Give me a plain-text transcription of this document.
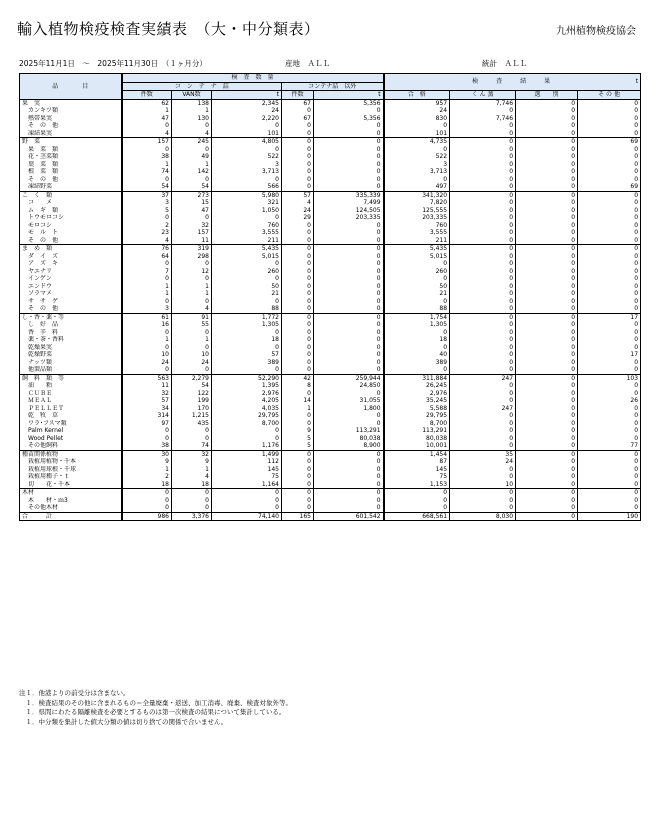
輸入植物検疫検査実績表　（大・中分類表）	九州植物検疫協会
2025年11月1日　～　2025年11月30日　（１ヶ月分）	産地　ＡＬＬ	統計　ＡＬＬ
品　　　　目	検　査　数　量					検　　　査　　　結　　　果 t			

	コ　ン　テ　ナ　詰			コンテナ詰　以外					
	件数	VAN数	t	件数	t	合　格	く ん 蒸	選　　別	そ の 他
果　実	62	138	2,345	67	5,356	957	7,746	0	0
　カンキツ類	1	1	24	0	0	24	0	0	0
　熱帯果実	47	130	2,220	67	5,356	830	7,746	0	0
　そ　の　他	0	0	0	0	0	0	0	0	0
　凍結果実	4	4	101	0	0	101	0	0	0
野　菜	157	245	4,805	0	0	4,735	0	0	69
　果　菜　類	0	0	0	0	0	0	0	0	0
　花・茎菜類	38	49	522	0	0	522	0	0	0
　葉　菜　類	1	1	3	0	0	3	0	0	0
　根　菜　類	74	142	3,713	0	0	3,713	0	0	0
　そ　の　他	0	0	0	0	0	0	0	0	0
　凍結野菜	54	54	566	0	0	497	0	0	69
こ　く　類	37	273	5,980	57	335,339	341,320	0	0	0
　コ　　メ	3	15	321	4	7,499	7,820	0	0	0
　ム　ギ　類	5	47	1,050	24	124,505	125,555	0	0	0
　トウモロコシ	0	0	0	29	203,335	203,335	0	0	0
　モロコシ	2	32	760	0	0	760	0	0	0
　モ　ル　ト	23	157	3,555	0	0	3,555	0	0	0
　そ　の　他	4	11	211	0	0	211	0	0	0
ま　め　類	76	319	5,435	0	0	5,435	0	0	0
　ダ　イ　ズ	64	298	5,015	0	0	5,015	0	0	0
　ア　ズ　キ	0	0	0	0	0	0	0	0	0
　ヤエナリ	7	12	260	0	0	260	0	0	0
　インゲン	0	0	0	0	0	0	0	0	0
　エンドウ	1	1	50	0	0	50	0	0	0
　ソラマメ	1	1	21	0	0	21	0	0	0
　サ　サ　ゲ	0	0	0	0	0	0	0	0	0
　そ　の　他	3	4	88	0	0	88	0	0	0
し・香・薬・等	61	91	1,772	0	0	1,754	0	0	17
　し　好　品	16	55	1,305	0	0	1,305	0	0	0
　香　辛　料	0	0	0	0	0	0	0	0	0
　薬・茶・香料	1	1	18	0	0	18	0	0	0
　乾燥果実	0	0	0	0	0	0	0	0	0
　乾燥野菜	10	10	57	0	0	40	0	0	17
　ナッツ類	24	24	389	0	0	389	0	0	0
　他製品類	0	0	0	0	0	0	0	0	0
飼　料　類　等	563	2,279	52,290	42	259,944	311,884	247	0	103
　油　　粕	11	54	1,395	8	24,850	26,245	0	0	0
　ＣＵＢＥ	32	122	2,976	0	0	2,976	0	0	0
　ＭＥＡＬ	57	199	4,205	14	31,055	35,245	0	0	26
　ＰＥＬＬＥＴ	34	170	4,035	1	1,800	5,588	247	0	0
　乾　牧　草	314	1,215	29,795	0	0	29,795	0	0	0
　ワラ･フスマ類	97	435	8,700	0	0	8,700	0	0	0
　Palm Kernel	0	0	0	9	113,291	113,291	0	0	0
　Wood Pellet	0	0	0	5	80,038	80,038	0	0	0
　その他飼料	38	74	1,176	5	8,900	10,001	0	0	77
種苗関係植物	30	32	1,499	0	0	1,454	35	0	0
　栽植用植物・千本	9	9	112	0	0	87	24	0	0
　栽植用球根・千球	1	1	145	0	0	145	0	0	0
　栽植用種子・ｔ	2	4	75	0	0	75	0	0	0
　切　　花・千本	18	18	1,164	0	0	1,153	10	0	0
木材	0	0	0	0	0	0	0	0	0
　木　　材・ｍ3	0	0	0	0	0	0	0	0	0
　その他木材	0	0	0	0	0	0	0	0	0
合　　　計	986	3,376	74,140	165	601,542	668,561	8,030	0	190
注１．他港よりの前受分は含まない。
　１．検査結果のその他に含まれるもの＝全量廃棄・返送、加工消毒、廃棄、検査対象外等。
　１．県間にわたる隔離検査を必要とするものは第一次検査の結果について集計している。
　１．中分類を集計した値大分類の値は切り捨ての関係で合いません。
